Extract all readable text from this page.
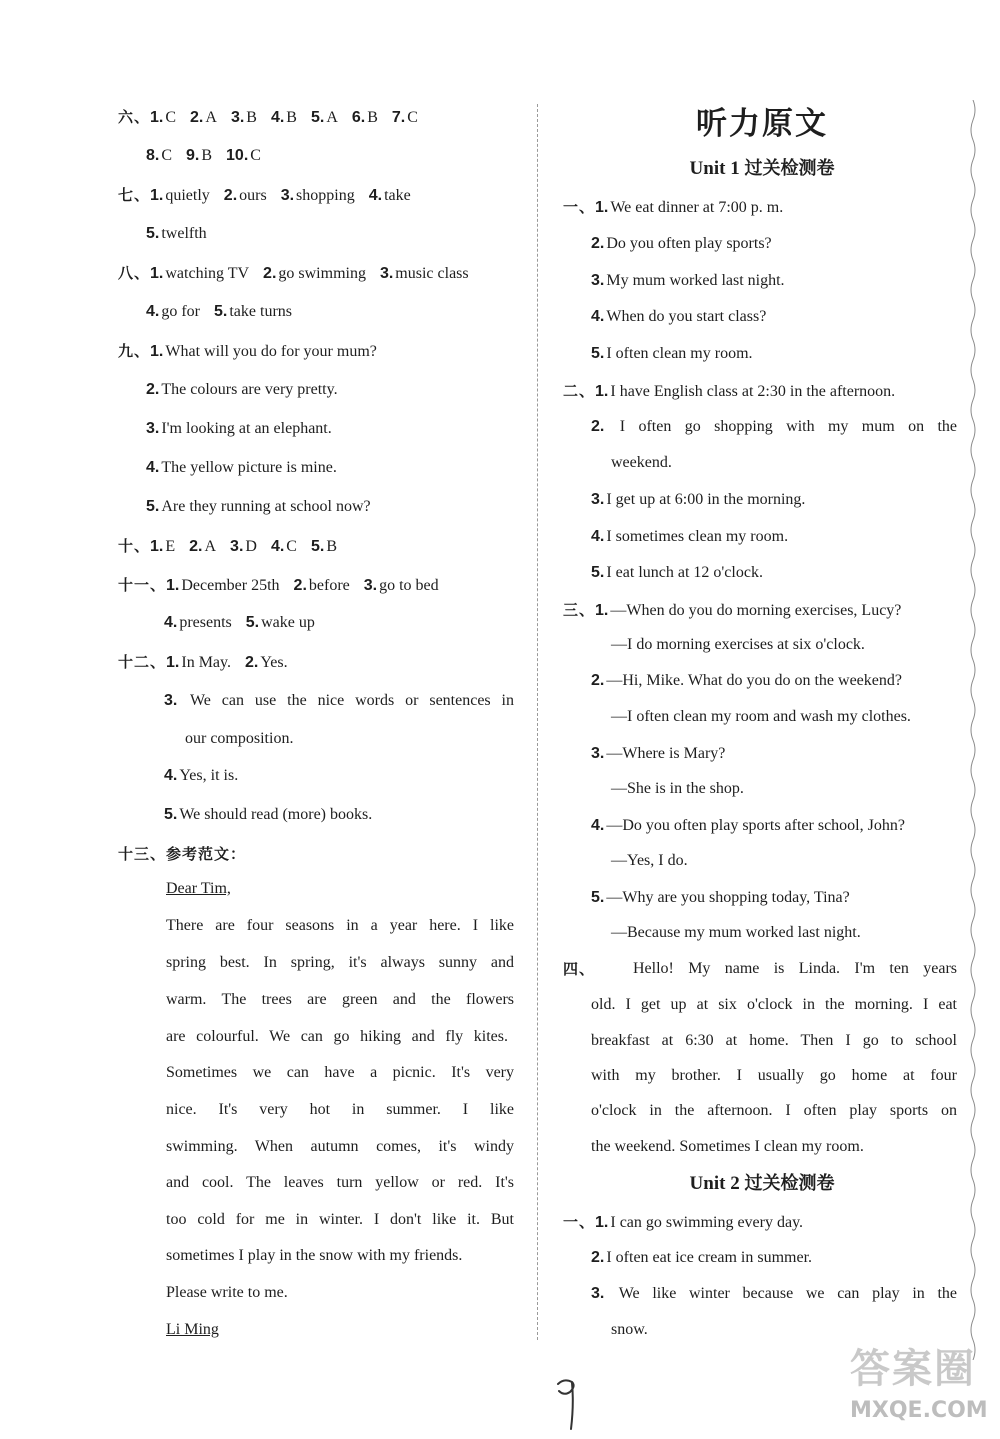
六、1. C 2. A 3. B 4. B 5. A 6. B 7. C
8. C 9. B 10. C
七、1. quietly 2. ours 3. shopping 4. take
5. twelfth
八、1. watching TV 2. go swimming 3. music class
4. go for 5. take turns
九、1. What will you do for your mum?
2. The colours are very pretty.
3. I'm looking at an elephant.
4. The yellow picture is mine.
5. Are they running at school now?
十、1. E 2. A 3. D 4. C 5. B
十一、1. December 25th 2. before 3. go to bed
4. presents 5. wake up
十二、1. In May. 2. Yes.
3. We can use the nice words or sentences in
our composition.
4. Yes, it is.
5. We should read (more) books.
十三、参考范文：
Dear Tim,
There are four seasons in a year here. I like
spring best. In spring, it's always sunny and
warm. The trees are green and the flowers
are colourful. We can go hiking and fly kites.
Sometimes we can have a picnic. It's very
nice. It's very hot in summer. I like
swimming. When autumn comes, it's windy
and cool. The leaves turn yellow or red. It's
too cold for me in winter. I don't like it. But
sometimes I play in the snow with my friends.
Please write to me.
Li Ming
听力原文
Unit 1 过关检测卷
一、1. We eat dinner at 7:00 p. m.
2. Do you often play sports?
3. My mum worked last night.
4. When do you start class?
5. I often clean my room.
二、1. I have English class at 2:30 in the afternoon.
2. I often go shopping with my mum on the
weekend.
3. I get up at 6:00 in the morning.
4. I sometimes clean my room.
5. I eat lunch at 12 o'clock.
三、1. —When do you do morning exercises, Lucy?
—I do morning exercises at six o'clock.
2. —Hi, Mike. What do you do on the weekend?
—I often clean my room and wash my clothes.
3. —Where is Mary?
—She is in the shop.
4. —Do you often play sports after school, John?
—Yes, I do.
5. —Why are you shopping today, Tina?
—Because my mum worked last night.
四、 Hello! My name is Linda. I'm ten years
old. I get up at six o'clock in the morning. I eat
breakfast at 6:30 at home. Then I go to school
with my brother. I usually go home at four
o'clock in the afternoon. I often play sports on
the weekend. Sometimes I clean my room.
Unit 2 过关检测卷
一、1. I can go swimming every day.
2. I often eat ice cream in summer.
3. We like winter because we can play in the
snow.
答案圈
MXQE.COM
